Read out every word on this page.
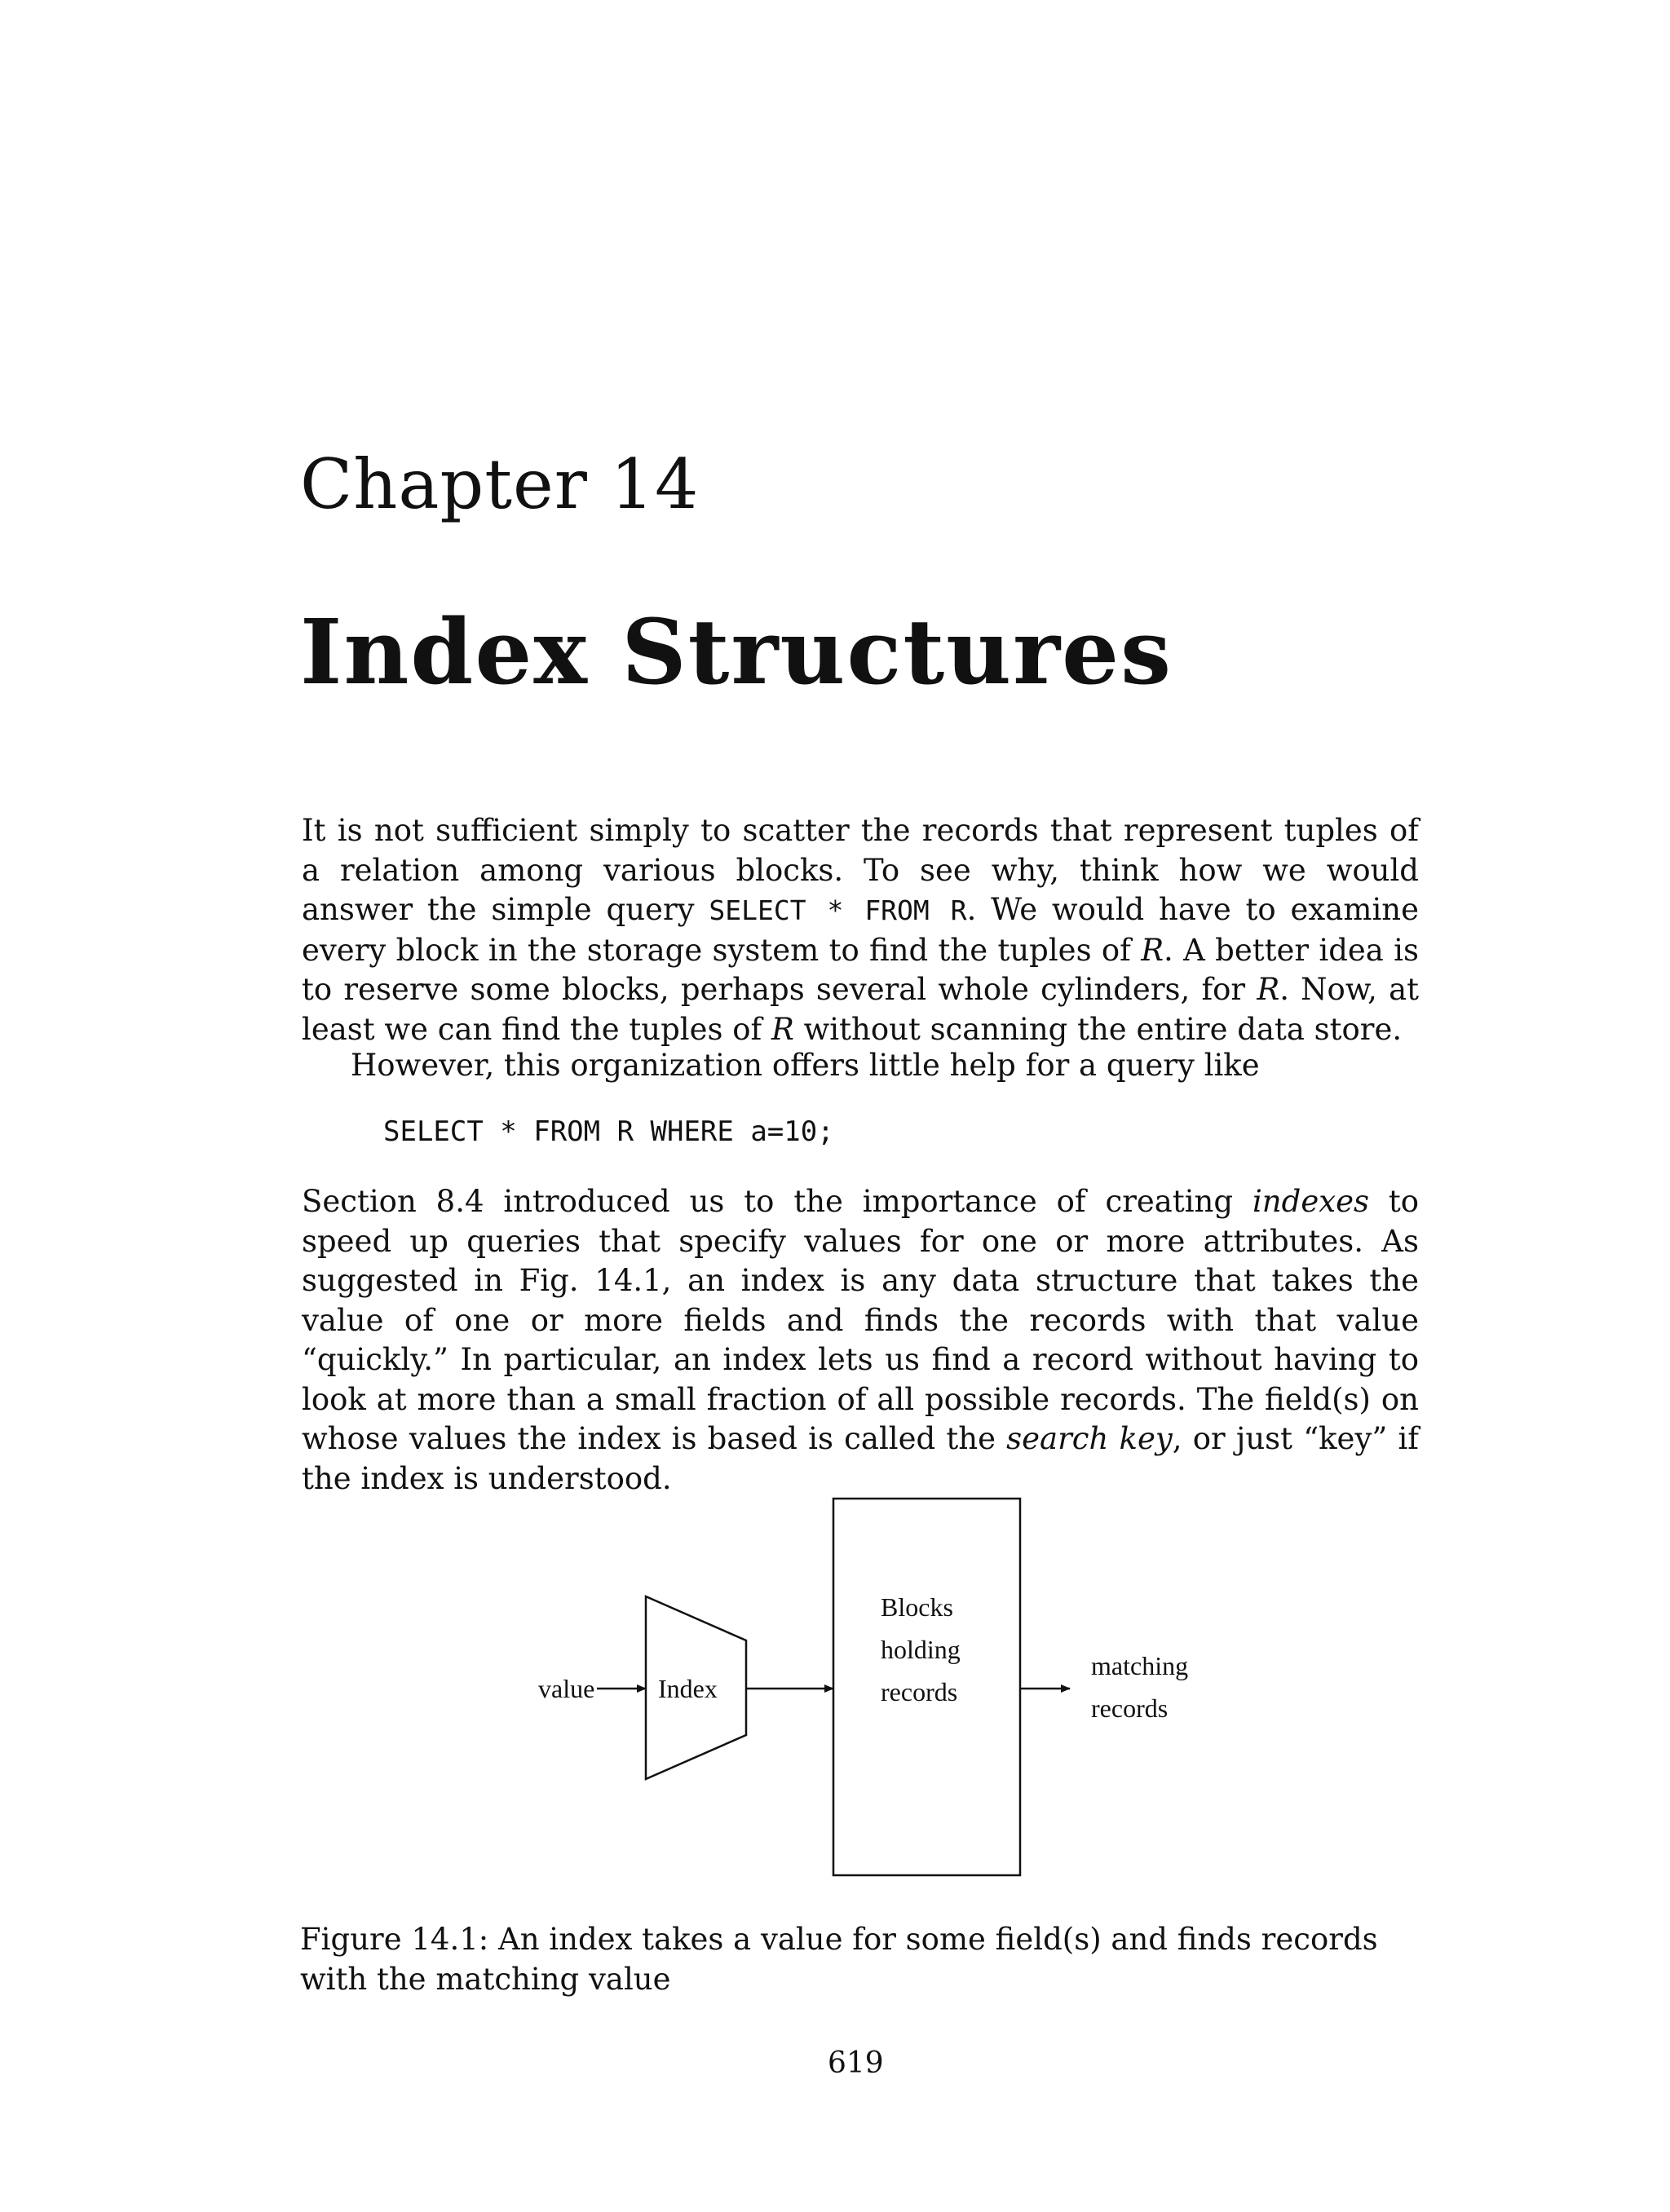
Chapter 14
Index Structures

It is not sufficient simply to scatter the records that represent tuples of a relation among various blocks. To see why, think how we would answer the simple query SELECT * FROM R. We would have to examine every block in the storage system to find the tuples of R. A better idea is to reserve some blocks, perhaps several whole cylinders, for R. Now, at least we can find the tuples of R without scanning the entire data store.

However, this organization offers little help for a query like

SELECT * FROM R WHERE a=10;

Section 8.4 introduced us to the importance of creating indexes to speed up queries that specify values for one or more attributes. As suggested in Fig. 14.1, an index is any data structure that takes the value of one or more fields and finds the records with that value “quickly.” In particular, an index lets us find a record without having to look at more than a small fraction of all possible records. The field(s) on whose values the index is based is called the search key, or just “key” if the index is understood.

value Index
Blocks
holding
records
matching
records

Figure 14.1: An index takes a value for some field(s) and finds records with the matching value

619
